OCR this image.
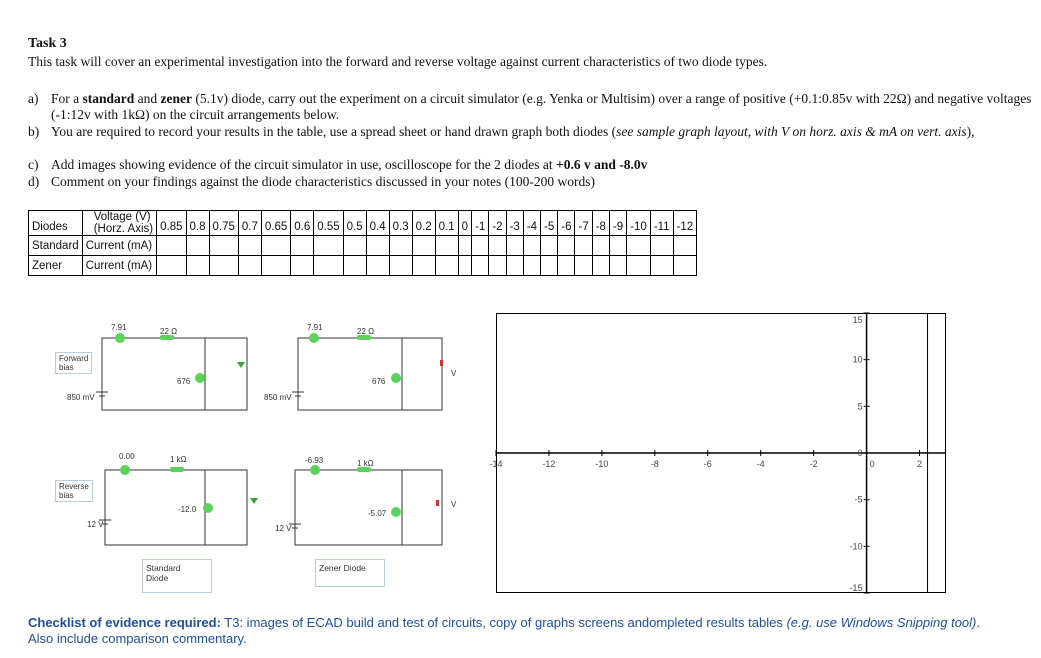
Task 3
This task will cover an experimental investigation into the forward and reverse voltage against current characteristics of two diode types.
a) For a standard and zener (5.1v) diode, carry out the experiment on a circuit simulator (e.g. Yenka or Multisim) over a range of positive (+0.1:0.85v with 22Ω) and negative voltages (-1:12v with 1kΩ) on the circuit arrangements below.
b) You are required to record your results in the table, use a spread sheet or hand drawn graph both diodes (see sample graph layout, with V on horz. axis & mA on vert. axis),
c) Add images showing evidence of the circuit simulator in use, oscilloscope for the 2 diodes at +0.6 v and -8.0v
d) Comment on your findings against the diode characteristics discussed in your notes (100-200 words)
Diodes	Voltage (V)
(Horz. Axis)	0.85	0.8	0.75	0.7	0.65	0.6	0.55	0.5	0.4	0.3	0.2	0.1	0	-1	-2	-3	-4	-5	-6	-7	-8	-9	-10	-11	-12
Standard	Current (mA)																									
Zener	Current (mA)																									
Forward
bias
Reverse
bias
7.91	22 Ω
676
850 mV
7.91	22 Ω
676
850 mV
V
0.00	1 kΩ
-12.0
12 V
-6.93	1 kΩ
-5.07
12 V
V
Standard
Diode
Zener Diode
-14	-12	-10	-8	-6	-4	-2	0	2
15
10
5
0
-5
-10
-15
Checklist of evidence required: T3: images of ECAD build and test of circuits, copy of graphs screens andompleted results tables (e.g. use Windows Snipping tool). Also include comparison commentary.
